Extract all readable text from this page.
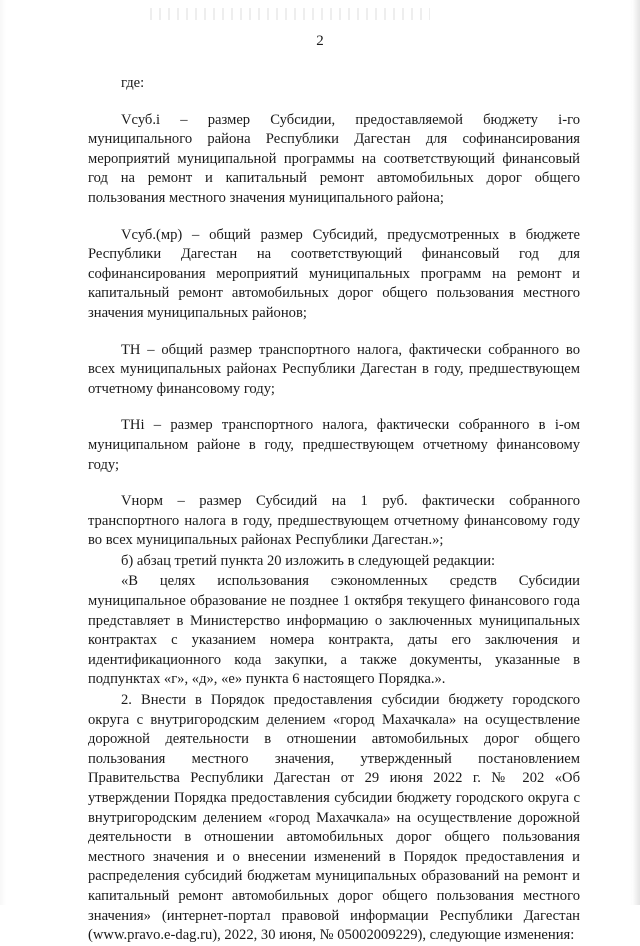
2

где:

Vсуб.i – размер Субсидии, предоставляемой бюджету i-го муниципального района Республики Дагестан для софинансирования мероприятий муниципальной программы на соответствующий финансовый год на ремонт и капитальный ремонт автомобильных дорог общего пользования местного значения муниципального района;

Vсуб.(мр) – общий размер Субсидий, предусмотренных в бюджете Республики Дагестан на соответствующий финансовый год для софинансирования мероприятий муниципальных программ на ремонт и капитальный ремонт автомобильных дорог общего пользования местного значения муниципальных районов;

ТН – общий размер транспортного налога, фактически собранного во всех муниципальных районах Республики Дагестан в году, предшествующем отчетному финансовому году;

ТНi – размер транспортного налога, фактически собранного в i-ом муниципальном районе в году, предшествующем отчетному финансовому году;

Vнорм – размер Субсидий на 1 руб. фактически собранного транспортного налога в году, предшествующем отчетному финансовому году во всех муниципальных районах Республики Дагестан.»;

б) абзац третий пункта 20 изложить в следующей редакции:

«В целях использования сэкономленных средств Субсидии муниципальное образование не позднее 1 октября текущего финансового года представляет в Министерство информацию о заключенных муниципальных контрактах с указанием номера контракта, даты его заключения и идентификационного кода закупки, а также документы, указанные в подпунктах «г», «д», «е» пункта 6 настоящего Порядка.».

2. Внести в Порядок предоставления субсидии бюджету городского округа с внутригородским делением «город Махачкала» на осуществление дорожной деятельности в отношении автомобильных дорог общего пользования местного значения, утвержденный постановлением Правительства Республики Дагестан от 29 июня 2022 г. № 202 «Об утверждении Порядка предоставления субсидии бюджету городского округа с внутригородским делением «город Махачкала» на осуществление дорожной деятельности в отношении автомобильных дорог общего пользования местного значения и о внесении изменений в Порядок предоставления и распределения субсидий бюджетам муниципальных образований на ремонт и капитальный ремонт автомобильных дорог общего пользования местного значения» (интернет-портал правовой информации Республики Дагестан (www.pravo.e-dag.ru), 2022, 30 июня, № 05002009229), следующие изменения:
